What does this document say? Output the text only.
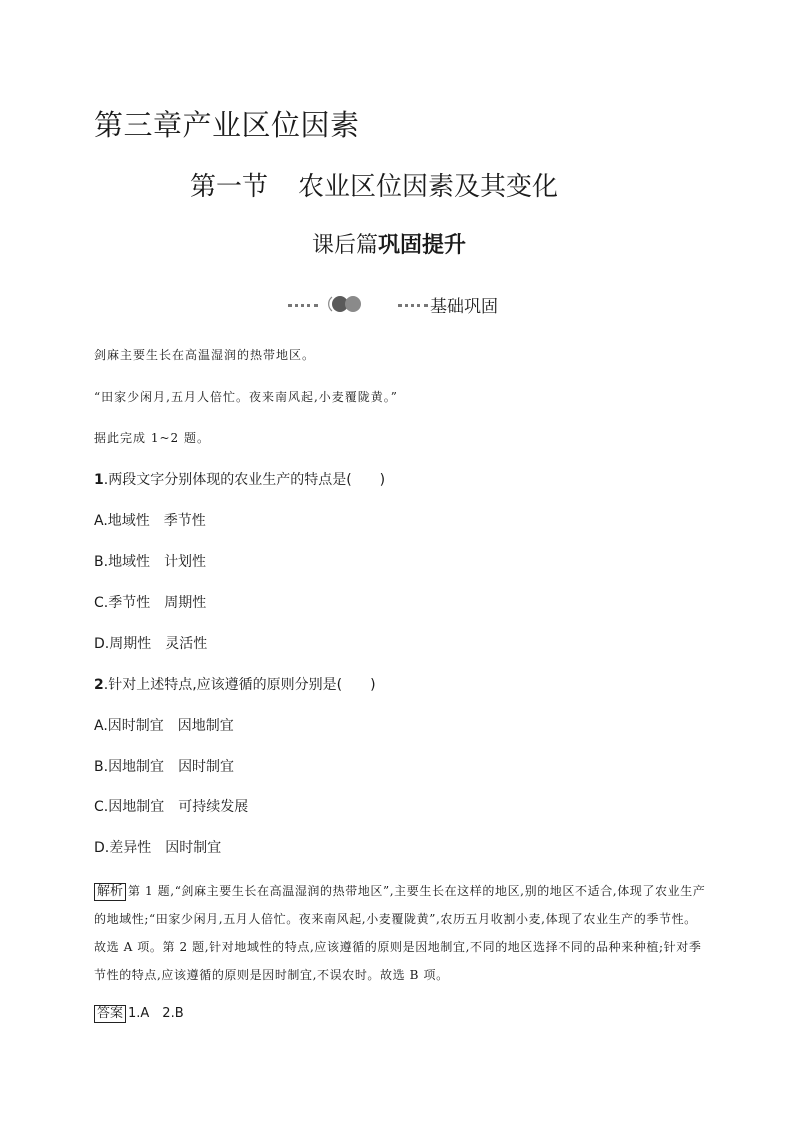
第三章产业区位因素
第一节 农业区位因素及其变化
课后篇巩固提升
基础巩固
剑麻主要生长在高温湿润的热带地区。
“田家少闲月,五月人倍忙。夜来南风起,小麦覆陇黄。”
据此完成 1~2 题。
1.两段文字分别体现的农业生产的特点是(　　)
A.地域性 季节性
B.地域性 计划性
C.季节性 周期性
D.周期性 灵活性
2.针对上述特点,应该遵循的原则分别是(　　)
A.因时制宜 因地制宜
B.因地制宜 因时制宜
C.因地制宜 可持续发展
D.差异性 因时制宜
解析 第 1 题,“剑麻主要生长在高温湿润的热带地区”,主要生长在这样的地区,别的地区不适合,体现了农业生产的地域性;“田家少闲月,五月人倍忙。夜来南风起,小麦覆陇黄”,农历五月收割小麦,体现了农业生产的季节性。故选 A 项。第 2 题,针对地域性的特点,应该遵循的原则是因地制宜,不同的地区选择不同的品种来种植;针对季节性的特点,应该遵循的原则是因时制宜,不误农时。故选 B 项。
答案 1.A　2.B
